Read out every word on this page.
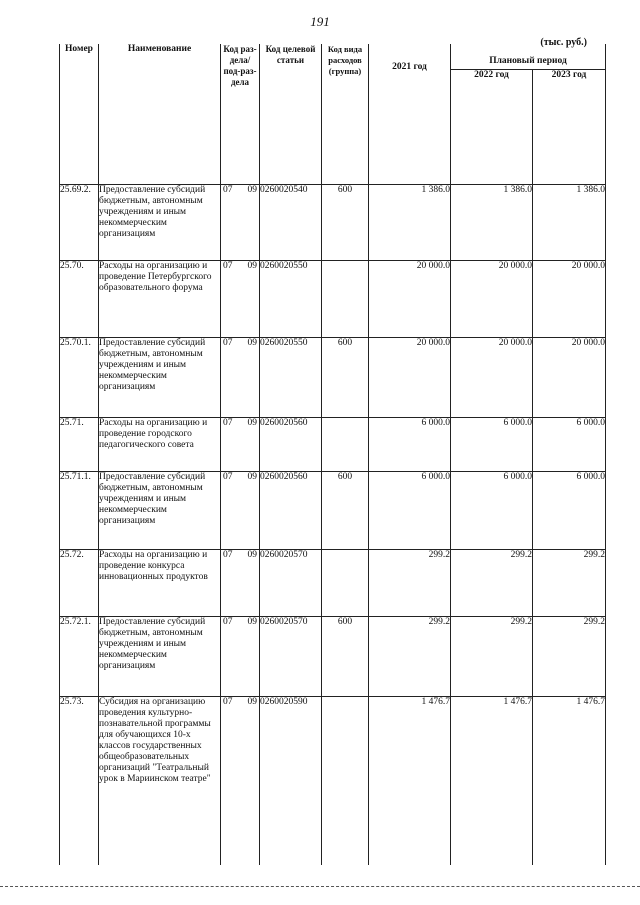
191
(тыс. руб.)
Номер	Наименование	Код раз-дела/ под-раз-дела	Код целевой статьи	Код вида расходов (группа)	2021 год	Плановый период	
						2022 год	2023 год
25.69.2.	Предоставление субсидий бюджетным, автономным учреждениям и иным некоммерческим организациям	07 09	0260020540	600	1 386.0	1 386.0	1 386.0
25.70.	Расходы на организацию и проведение Петербургского образовательного форума	07 09	0260020550		20 000.0	20 000.0	20 000.0
25.70.1.	Предоставление субсидий бюджетным, автономным учреждениям и иным некоммерческим организациям	07 09	0260020550	600	20 000.0	20 000.0	20 000.0
25.71.	Расходы на организацию и проведение городского педагогического совета	07 09	0260020560		6 000.0	6 000.0	6 000.0
25.71.1.	Предоставление субсидий бюджетным, автономным учреждениям и иным некоммерческим организациям	07 09	0260020560	600	6 000.0	6 000.0	6 000.0
25.72.	Расходы на организацию и проведение конкурса инновационных продуктов	07 09	0260020570		299.2	299.2	299.2
25.72.1.	Предоставление субсидий бюджетным, автономным учреждениям и иным некоммерческим организациям	07 09	0260020570	600	299.2	299.2	299.2
25.73.	Субсидия на организацию проведения культурно-познавательной программы для обучающихся 10-х классов государственных общеобразовательных организаций "Театральный урок в Мариинском театре"	07 09	0260020590		1 476.7	1 476.7	1 476.7
